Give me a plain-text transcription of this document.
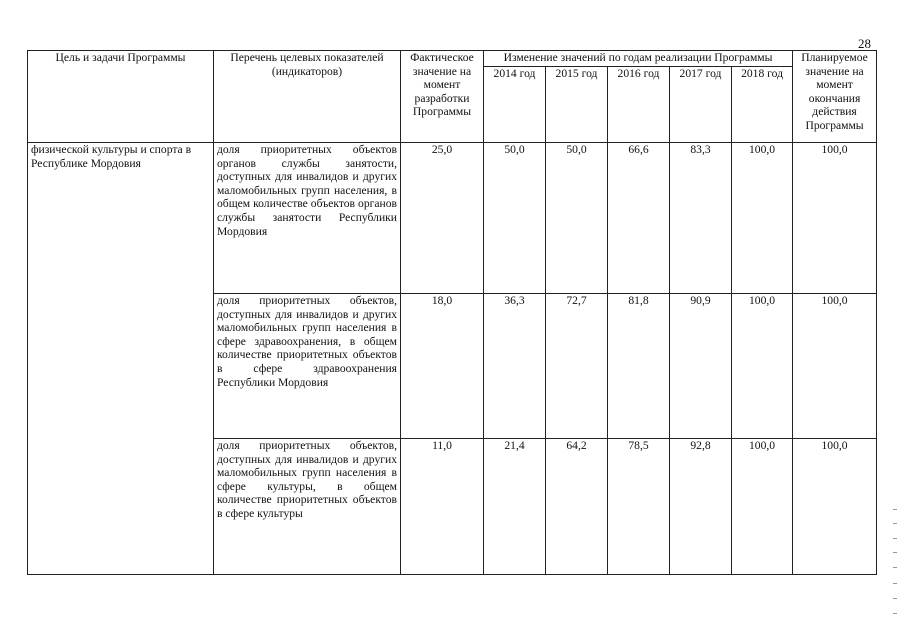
28
Цель и задачи Программы	Перечень целевых показателей (индикаторов)	Фактическое значение на момент разработки Программы	Изменение значений по годам реализации Программы					Планируемое значение на момент окончания действия Программы
			2014 год	2015 год	2016 год	2017 год	2018 год	
физической культуры и спорта в Республике Мордовия	доля приоритетных объектов органов службы занятости, доступных для инвалидов и других маломобильных групп населения, в общем количестве объектов органов службы занятости Республики Мордовия	25,0	50,0	50,0	66,6	83,3	100,0	100,0
	доля приоритетных объектов, доступных для инвалидов и других маломобильных групп населения в сфере здравоохранения, в общем количестве приоритетных объектов в сфере здравоохранения Республики Мордовия	18,0	36,3	72,7	81,8	90,9	100,0	100,0
	доля приоритетных объектов, доступных для инвалидов и других маломобильных групп населения в сфере культуры, в общем количестве приоритетных объектов в сфере культуры	11,0	21,4	64,2	78,5	92,8	100,0	100,0
